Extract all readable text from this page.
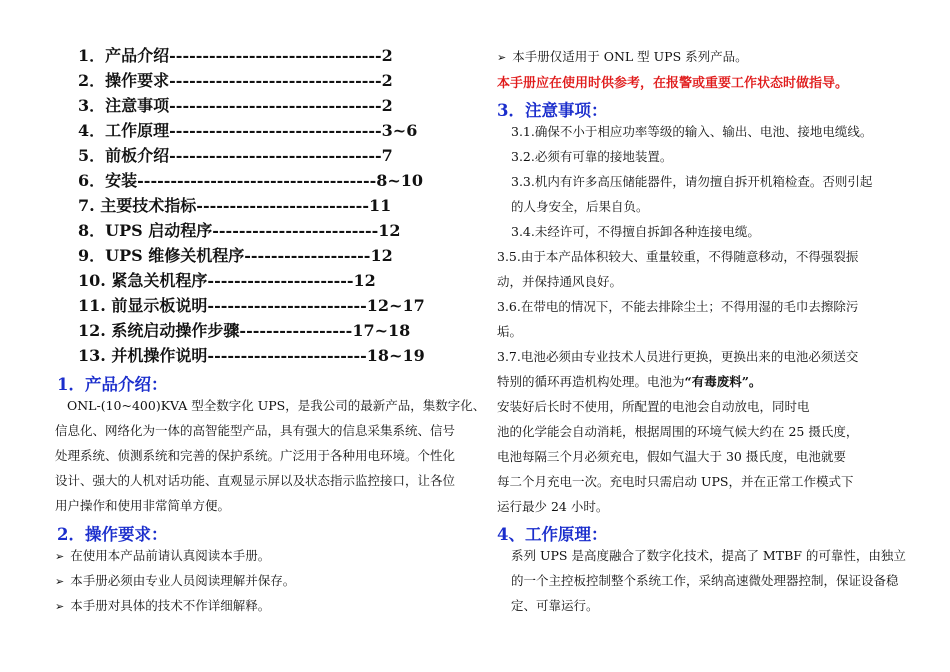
1．产品介绍--------------------------------2
2．操作要求--------------------------------2
3．注意事项--------------------------------2
4．工作原理--------------------------------3~6
5．前板介绍--------------------------------7
6．安装------------------------------------8~10
7. 主要技术指标--------------------------11
8．UPS 启动程序-------------------------12
9．UPS 维修关机程序-------------------12
10. 紧急关机程序----------------------12
11. 前显示板说明------------------------12~17
12. 系统启动操作步骤-----------------17~18
13. 并机操作说明------------------------18~19
1．产品介绍：
ONL-(10~400)KVA 型全数字化 UPS，是我公司的最新产品，集数字化、
信息化、网络化为一体的高智能型产品，具有强大的信息采集系统、信号
处理系统、侦测系统和完善的保护系统。广泛用于各种用电环境。个性化
设计、强大的人机对话功能、直观显示屏以及状态指示监控接口，让各位
用户操作和使用非常简单方便。
2．操作要求：
➢ 在使用本产品前请认真阅读本手册。
➢ 本手册必须由专业人员阅读理解并保存。
➢ 本手册对具体的技术不作详细解释。
➢ 本手册仅适用于 ONL 型 UPS 系列产品。
本手册应在使用时供参考，在报警或重要工作状态时做指导。
3．注意事项：
3.1.确保不小于相应功率等级的输入、输出、电池、接地电缆线。
3.2.必须有可靠的接地装置。
3.3.机内有许多高压储能器件，请勿擅自拆开机箱检查。否则引起
的人身安全，后果自负。
3.4.未经许可，不得擅自拆卸各种连接电缆。
3.5.由于本产品体积较大、重量较重，不得随意移动，不得强裂振
动，并保持通风良好。
3.6.在带电的情况下，不能去排除尘土；不得用湿的毛巾去擦除污
垢。
3.7.电池必须由专业技术人员进行更换，更换出来的电池必须送交
特别的循环再造机构处理。电池为“有毒废料”。
安装好后长时不使用，所配置的电池会自动放电，同时电
池的化学能会自动消耗，根据周围的环境气候大约在 25 摄氏度，
电池每隔三个月必须充电，假如气温大于 30 摄氏度，电池就要
每二个月充电一次。充电时只需启动 UPS，并在正常工作模式下
运行最少 24 小时。
4、工作原理：
系列 UPS 是高度融合了数字化技术，提高了 MTBF 的可靠性，由独立
的一个主控板控制整个系统工作，采纳高速微处理器控制，保证设备稳
定、可靠运行。
